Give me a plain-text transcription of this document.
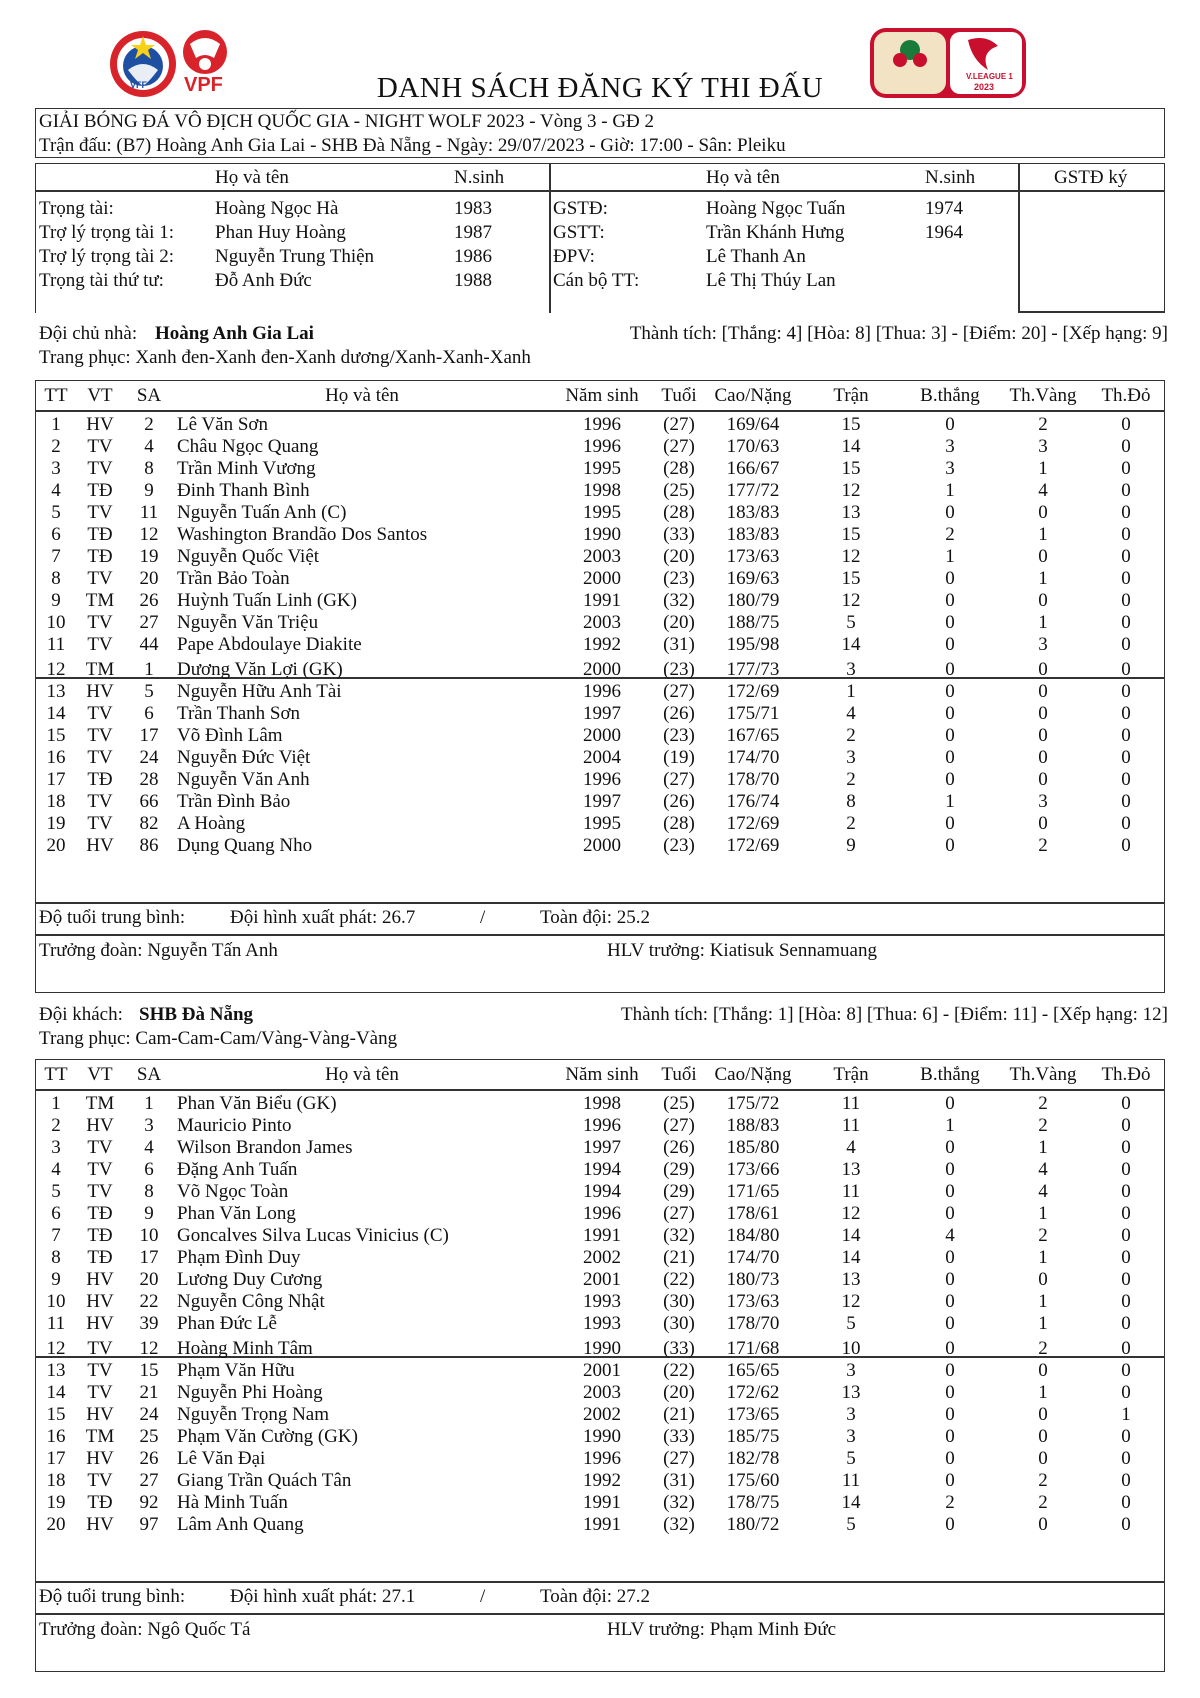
VFF VPF	V.LEAGUE 1
2023
DANH SÁCH ĐĂNG KÝ THI ĐẤU
GIẢI BÓNG ĐÁ VÔ ĐỊCH QUỐC GIA - NIGHT WOLF 2023 - Vòng 3 - GĐ 2
Trận đấu: (B7) Hoàng Anh Gia Lai - SHB Đà Nẵng - Ngày: 29/07/2023 - Giờ: 17:00 - Sân: Pleiku
Họ và tên	N.sinh	Họ và tên	N.sinh	GSTĐ ký
Trọng tài:	Hoàng Ngọc Hà	1983
Trợ lý trọng tài 1: Phan Huy Hoàng	1987
Trợ lý trọng tài 2: Nguyễn Trung Thiện	1986
Trọng tài thứ tư:	Đỗ Anh Đức	1988
GSTĐ:	Hoàng Ngọc Tuấn	1974
GSTT:	Trần Khánh Hưng	1964
ĐPV:	Lê Thanh An
Cán bộ TT:	Lê Thị Thúy Lan
Đội chủ nhà: Hoàng Anh Gia Lai	Thành tích: [Thắng: 4] [Hòa: 8] [Thua: 3] - [Điểm: 20] - [Xếp hạng: 9]
Trang phục: Xanh đen-Xanh đen-Xanh dương/Xanh-Xanh-Xanh
TT	VT	SA	Họ và tên	Năm sinh	Tuổi Cao/Nặng	Trận	B.thắng	Th.Vàng	Th.Đỏ
1	HV	2	Lê Văn Sơn	1996	(27)	169/64	15	0	2	0
2	TV	4	Châu Ngọc Quang	1996	(27)	170/63	14	3	3	0
3	TV	8	Trần Minh Vương	1995	(28)	166/67	15	3	1	0
4	TĐ	9	Đinh Thanh Bình	1998	(25)	177/72	12	1	4	0
5	TV	11 Nguyễn Tuấn Anh (C)	1995	(28)	183/83	13	0	0	0
6	TĐ	12 Washington Brandão Dos Santos	1990	(33)	183/83	15	2	1	0
7	TĐ	19 Nguyễn Quốc Việt	2003	(20)	173/63	12	1	0	0
8	TV	20 Trần Bảo Toàn	2000	(23)	169/63	15	0	1	0
9	TM	26 Huỳnh Tuấn Linh (GK)	1991	(32)	180/79	12	0	0	0
10	TV	27 Nguyễn Văn Triệu	2003	(20)	188/75	5	0	1	0
11	TV	44 Pape Abdoulaye Diakite	1992	(31)	195/98	14	0	3	0
12	TM	1	Dương Văn Lợi (GK)	2000	(23)	177/73	3	0	0	0
13	HV	5	Nguyễn Hữu Anh Tài	1996	(27)	172/69	1	0	0	0
14	TV	6	Trần Thanh Sơn	1997	(26)	175/71	4	0	0	0
15	TV	17 Võ Đình Lâm	2000	(23)	167/65	2	0	0	0
16	TV	24 Nguyễn Đức Việt	2004	(19)	174/70	3	0	0	0
17	TĐ	28 Nguyễn Văn Anh	1996	(27)	178/70	2	0	0	0
18	TV	66 Trần Đình Bảo	1997	(26)	176/74	8	1	3	0
19	TV	82 A Hoàng	1995	(28)	172/69	2	0	0	0
20	HV	86 Dụng Quang Nho	2000	(23)	172/69	9	0	2	0
Độ tuổi trung bình: Đội hình xuất phát: 26.7	/	Toàn đội: 25.2
Trưởng đoàn: Nguyễn Tấn Anh	HLV trưởng: Kiatisuk Sennamuang
Đội khách: SHB Đà Nẵng	Thành tích: [Thắng: 1] [Hòa: 8] [Thua: 6] - [Điểm: 11] - [Xếp hạng: 12]
Trang phục: Cam-Cam-Cam/Vàng-Vàng-Vàng
TT	VT	SA	Họ và tên	Năm sinh	Tuổi Cao/Nặng	Trận	B.thắng	Th.Vàng	Th.Đỏ
1	TM	1	Phan Văn Biểu (GK)	1998	(25)	175/72	11	0	2	0
2	HV	3	Mauricio Pinto	1996	(27)	188/83	11	1	2	0
3	TV	4	Wilson Brandon James	1997	(26)	185/80	4	0	1	0
4	TV	6	Đặng Anh Tuấn	1994	(29)	173/66	13	0	4	0
5	TV	8	Võ Ngọc Toàn	1994	(29)	171/65	11	0	4	0
6	TĐ	9	Phan Văn Long	1996	(27)	178/61	12	0	1	0
7	TĐ	10 Goncalves Silva Lucas Vinicius (C)	1991	(32)	184/80	14	4	2	0
8	TĐ	17 Phạm Đình Duy	2002	(21)	174/70	14	0	1	0
9	HV	20 Lương Duy Cương	2001	(22)	180/73	13	0	0	0
10	HV	22 Nguyễn Công Nhật	1993	(30)	173/63	12	0	1	0
11	HV	39 Phan Đức Lễ	1993	(30)	178/70	5	0	1	0
12	TV	12 Hoàng Minh Tâm	1990	(33)	171/68	10	0	2	0
13	TV	15 Phạm Văn Hữu	2001	(22)	165/65	3	0	0	0
14	TV	21 Nguyễn Phi Hoàng	2003	(20)	172/62	13	0	1	0
15	HV	24 Nguyễn Trọng Nam	2002	(21)	173/65	3	0	0	1
16	TM	25 Phạm Văn Cường (GK)	1990	(33)	185/75	3	0	0	0
17	HV	26 Lê Văn Đại	1996	(27)	182/78	5	0	0	0
18	TV	27 Giang Trần Quách Tân	1992	(31)	175/60	11	0	2	0
19	TĐ	92 Hà Minh Tuấn	1991	(32)	178/75	14	2	2	0
20	HV	97 Lâm Anh Quang	1991	(32)	180/72	5	0	0	0
Độ tuổi trung bình: Đội hình xuất phát: 27.1	/	Toàn đội: 27.2
Trưởng đoàn: Ngô Quốc Tá	HLV trưởng: Phạm Minh Đức
